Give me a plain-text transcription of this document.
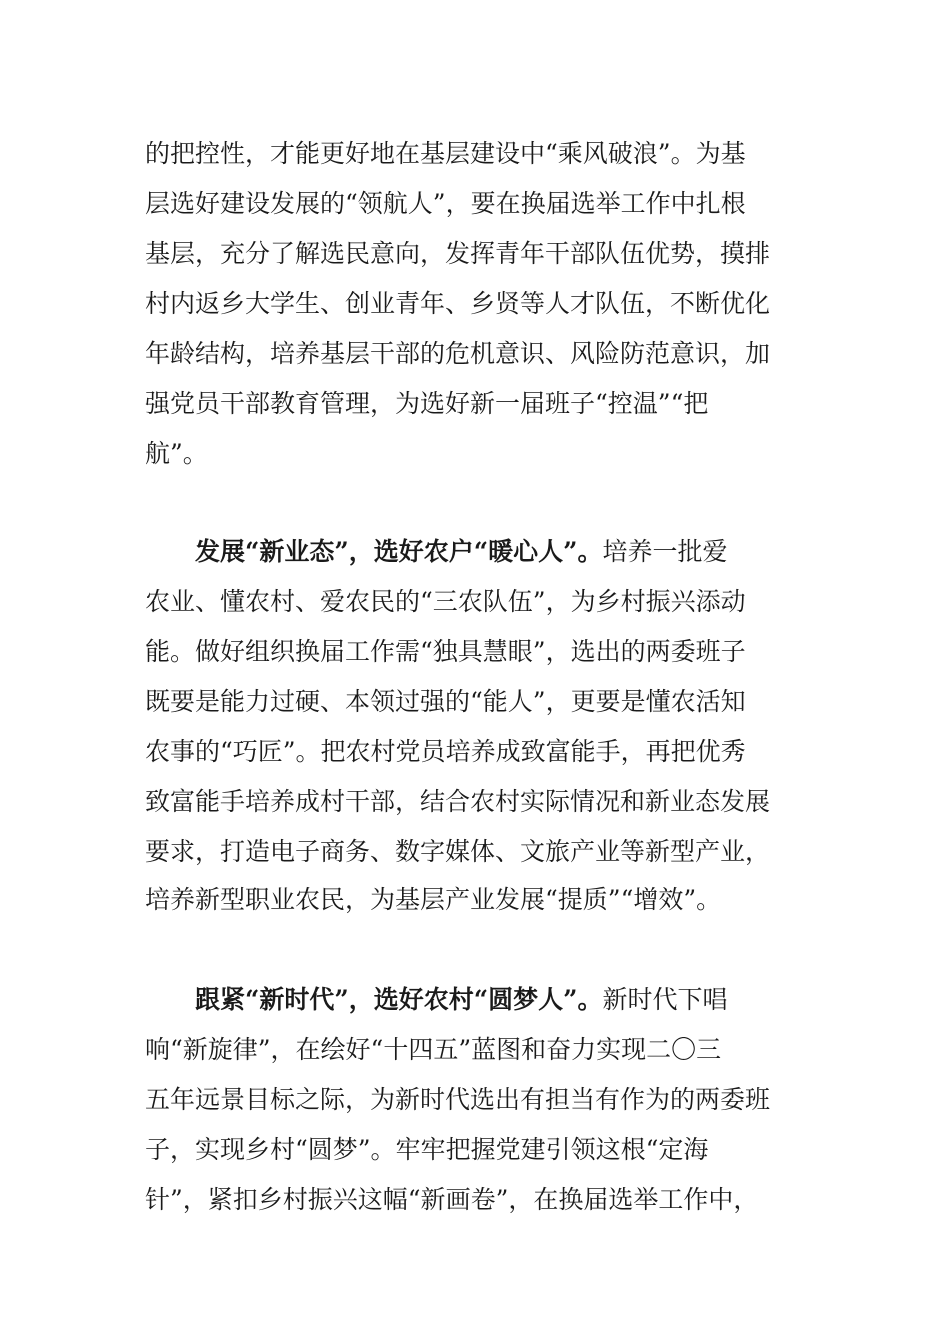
的把控性，才能更好地在基层建设中“乘风破浪”。为基
层选好建设发展的“领航人”，要在换届选举工作中扎根
基层，充分了解选民意向，发挥青年干部队伍优势，摸排
村内返乡大学生、创业青年、乡贤等人才队伍，不断优化
年龄结构，培养基层干部的危机意识、风险防范意识，加
强党员干部教育管理，为选好新一届班子“控温”“把
航”。
发展“新业态”，选好农户“暖心人”。培养一批爱
农业、懂农村、爱农民的“三农队伍”，为乡村振兴添动
能。做好组织换届工作需“独具慧眼”，选出的两委班子
既要是能力过硬、本领过强的“能人”，更要是懂农活知
农事的“巧匠”。把农村党员培养成致富能手，再把优秀
致富能手培养成村干部，结合农村实际情况和新业态发展
要求，打造电子商务、数字媒体、文旅产业等新型产业，
培养新型职业农民，为基层产业发展“提质”“增效”。
跟紧“新时代”，选好农村“圆梦人”。新时代下唱
响“新旋律”，在绘好“十四五”蓝图和奋力实现二〇三
五年远景目标之际，为新时代选出有担当有作为的两委班
子，实现乡村“圆梦”。牢牢把握党建引领这根“定海
针”，紧扣乡村振兴这幅“新画卷”，在换届选举工作中，
